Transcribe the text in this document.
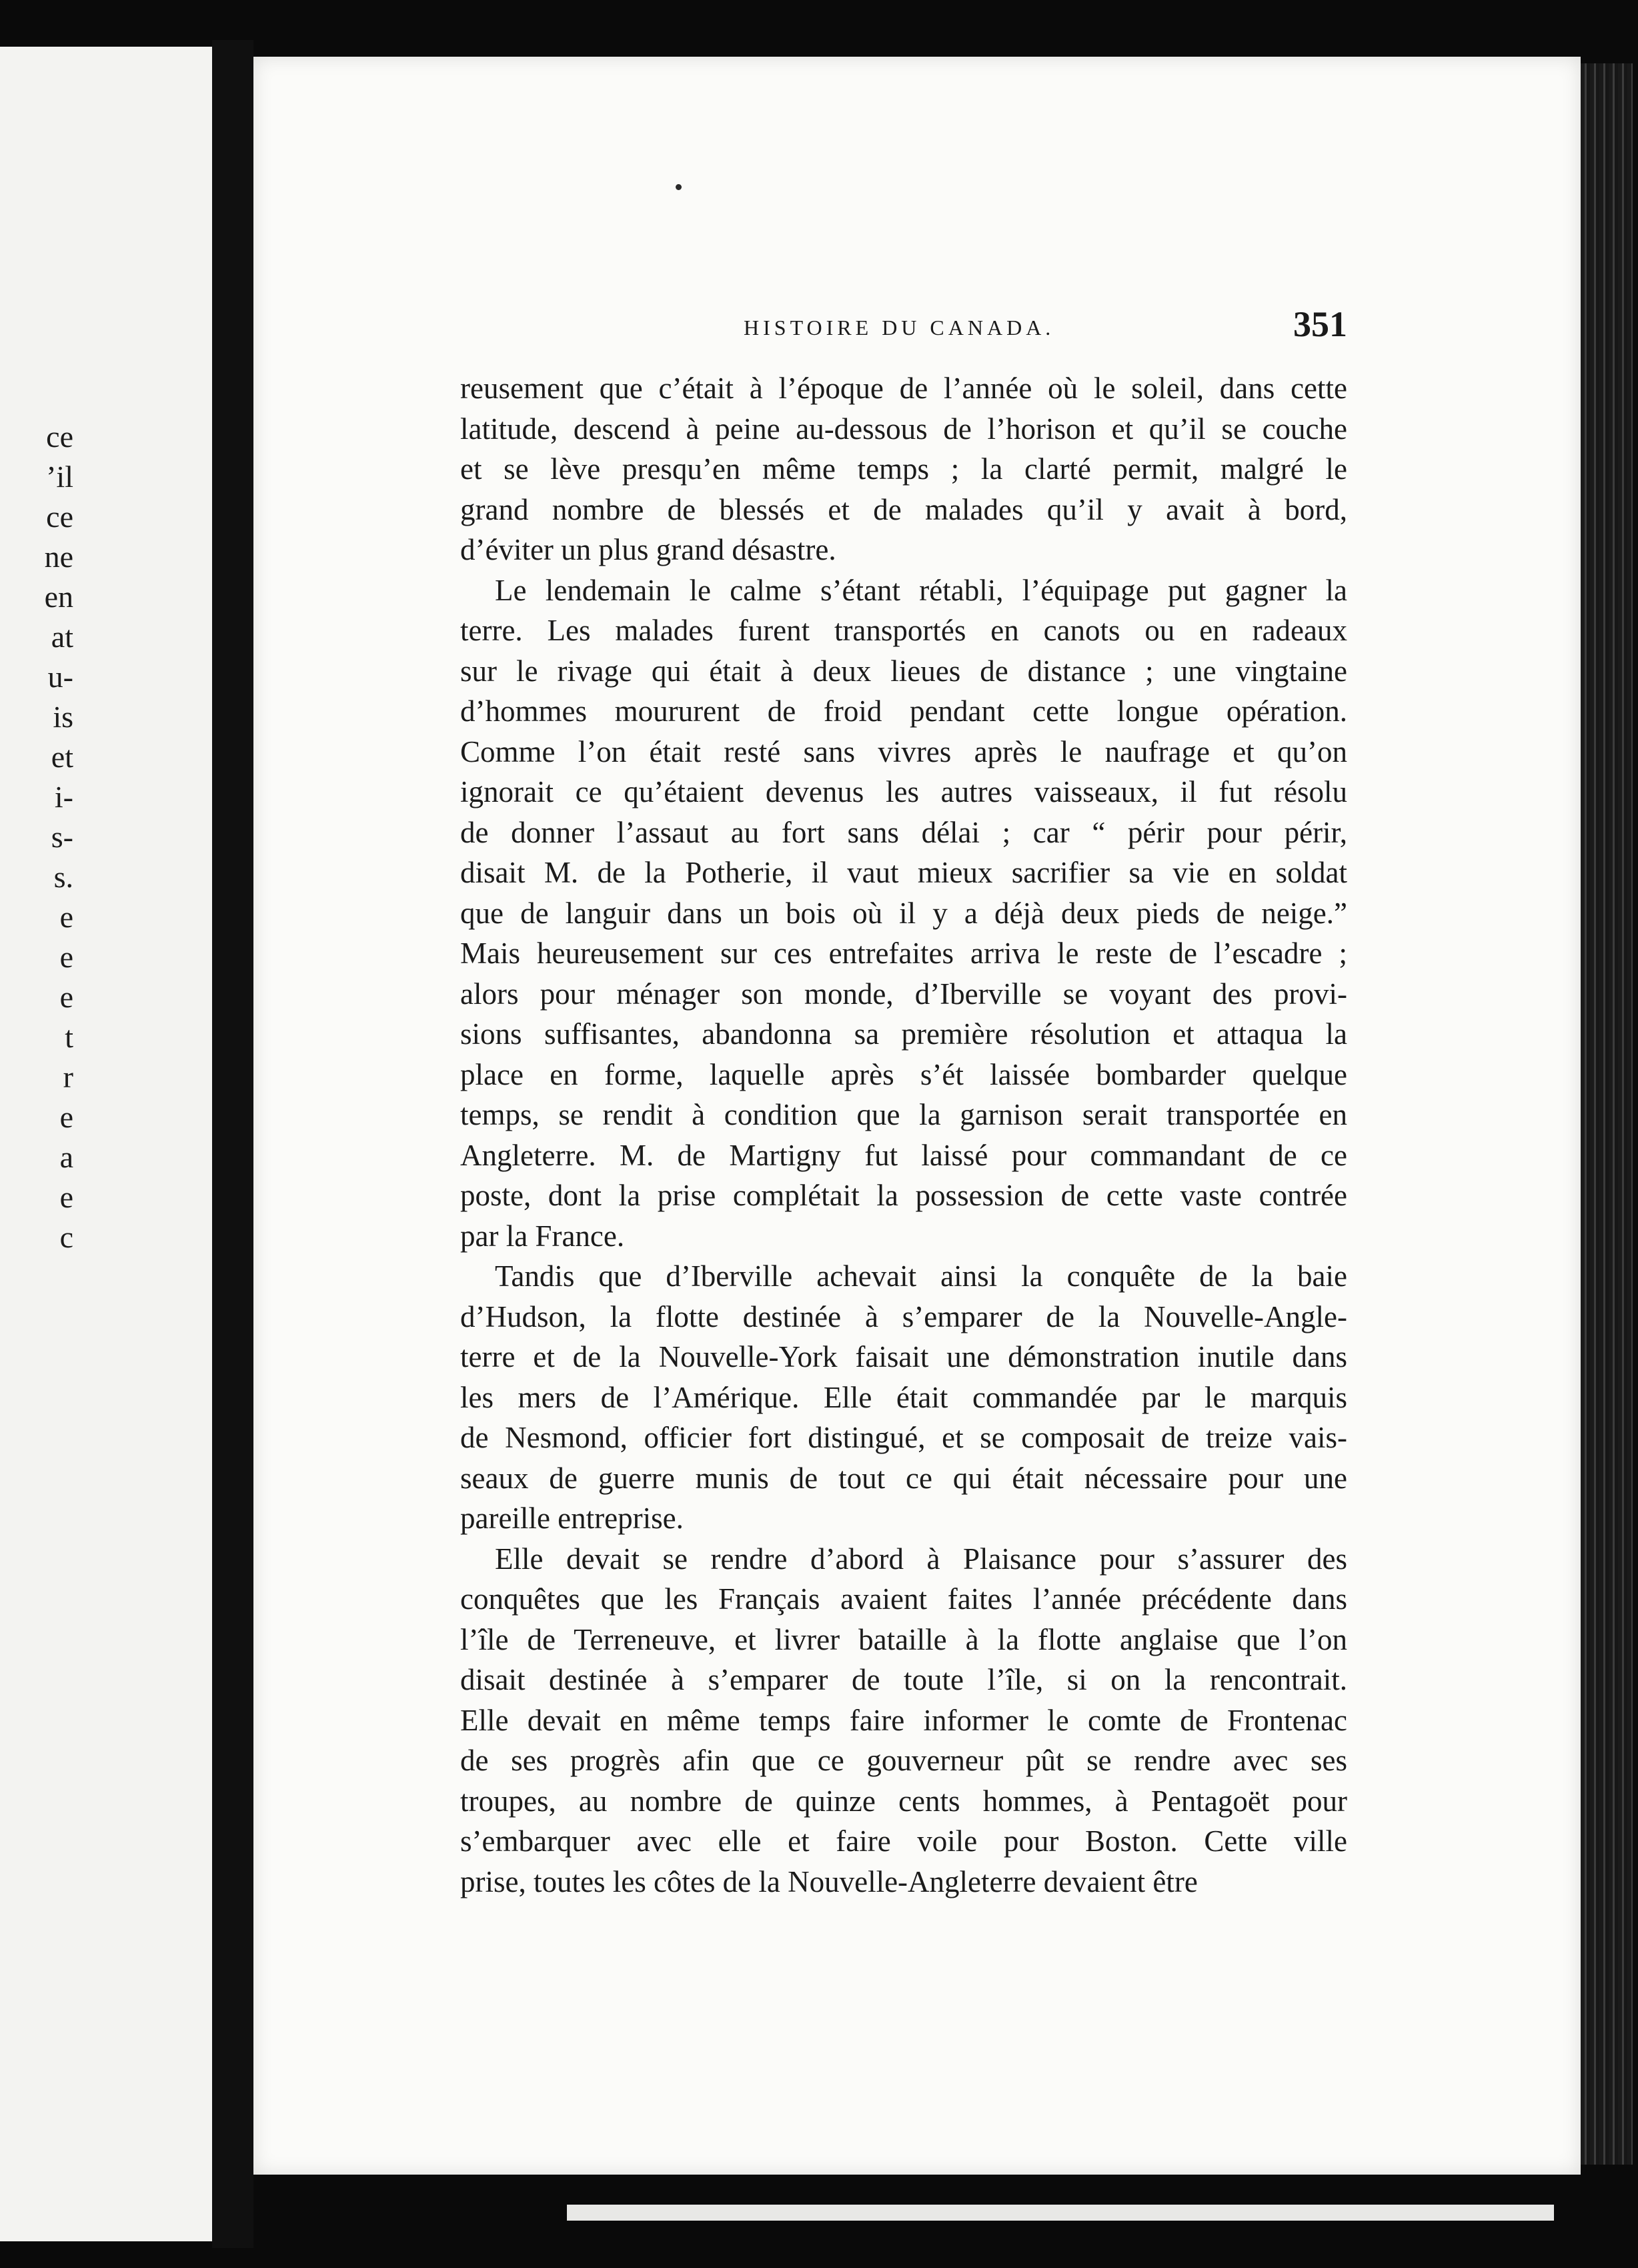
ce
’il
ce
ne
en
at
u-
is
et
i-
s-
s.
e
e
e
t
r
e
a
e
c
HISTOIRE DU CANADA.	351

reusement que c’était à l’époque de l’année où le soleil, dans cette
latitude, descend à peine au-dessous de l’horison et qu’il se couche
et se lève presqu’en même temps ; la clarté permit, malgré le
grand nombre de blessés et de malades qu’il y avait à bord,
d’éviter un plus grand désastre.

Le lendemain le calme s’étant rétabli, l’équipage put gagner la
terre. Les malades furent transportés en canots ou en radeaux
sur le rivage qui était à deux lieues de distance ; une vingtaine
d’hommes moururent de froid pendant cette longue opération.
Comme l’on était resté sans vivres après le naufrage et qu’on
ignorait ce qu’étaient devenus les autres vaisseaux, il fut résolu
de donner l’assaut au fort sans délai ; car “ périr pour périr,
disait M. de la Potherie, il vaut mieux sacrifier sa vie en soldat
que de languir dans un bois où il y a déjà deux pieds de neige.”
Mais heureusement sur ces entrefaites arriva le reste de l’escadre ;
alors pour ménager son monde, d’Iberville se voyant des provi-
sions suffisantes, abandonna sa première résolution et attaqua la
place en forme, laquelle après s’ét laissée bombarder quelque
temps, se rendit à condition que la garnison serait transportée en
Angleterre. M. de Martigny fut laissé pour commandant de ce
poste, dont la prise complétait la possession de cette vaste contrée
par la France.

Tandis que d’Iberville achevait ainsi la conquête de la baie
d’Hudson, la flotte destinée à s’emparer de la Nouvelle-Angle-
terre et de la Nouvelle-York faisait une démonstration inutile dans
les mers de l’Amérique. Elle était commandée par le marquis
de Nesmond, officier fort distingué, et se composait de treize vais-
seaux de guerre munis de tout ce qui était nécessaire pour une
pareille entreprise.

Elle devait se rendre d’abord à Plaisance pour s’assurer des
conquêtes que les Français avaient faites l’année précédente dans
l’île de Terreneuve, et livrer bataille à la flotte anglaise que l’on
disait destinée à s’emparer de toute l’île, si on la rencontrait.
Elle devait en même temps faire informer le comte de Frontenac
de ses progrès afin que ce gouverneur pût se rendre avec ses
troupes, au nombre de quinze cents hommes, à Pentagoët pour
s’embarquer avec elle et faire voile pour Boston. Cette ville
prise, toutes les côtes de la Nouvelle-Angleterre devaient être
